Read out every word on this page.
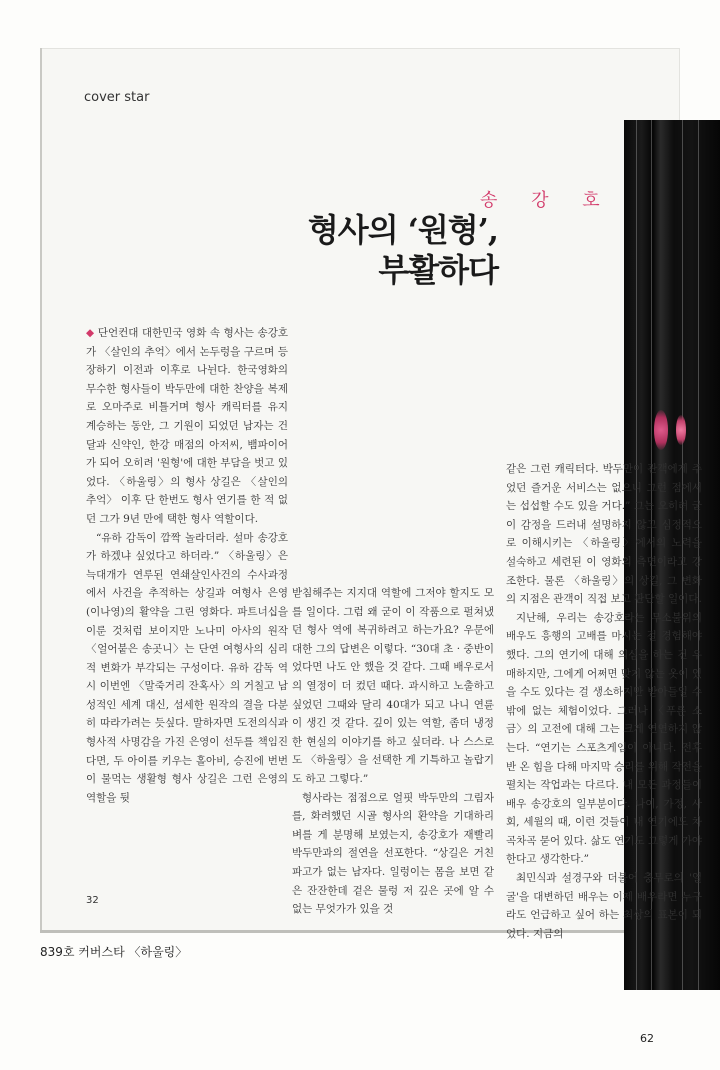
cover star
송 강 호
형사의 ‘원형’,
부활하다

◆ 단언컨대 대한민국 영화 속 형사는 송강호가 〈살인의 추억〉에서 논두렁을 구르며 등장하기 이전과 이후로 나뉜다. 한국영화의 무수한 형사들이 박두만에 대한 찬양을 복제로 오마주로 비틀거며 형사 캐릭터를 유지 계승하는 동안, 그 기원이 되었던 남자는 건달과 신약인, 한강 매점의 아저씨, 뱀파이어가 되어 오히려 '원형'에 대한 부담을 벗고 있었다. 〈하울링〉의 형사 상길은 〈살인의 추억〉 이후 단 한번도 형사 연기를 한 적 없던 그가 9년 만에 택한 형사 역할이다.

“유하 감독이 깜짝 놀라더라. 설마 송강호가 하겠냐 싶었다고 하더라.” 〈하울링〉은 늑대개가 연루된 연쇄살인사건의 수사과정에서 사건을 추적하는 상길과 여형사 은영(이나영)의 활약을 그린 영화다. 파트너십을 이룬 것처럼 보이지만 노나미 아사의 원작 〈얼어붙은 송곳니〉는 단연 여형사의 심리적 변화가 부각되는 구성이다. 유하 감독 역시 이번엔 〈말죽거리 잔혹사〉의 거칠고 남성적인 세계 대신, 섬세한 원작의 결을 다분히 따라가려는 듯싶다. 말하자면 도전의식과 형사적 사명감을 가진 은영이 선두를 책임진다면, 두 아이를 키우는 홀아비, 승진에 번번이 물먹는 생활형 형사 상길은 그런 은영의 역할을 뒷

받침해주는 지지대 역할에 그저야 할지도 모를 일이다. 그럼 왜 굳이 이 작품으로 펄쳐냈던 형사 역에 복귀하려고 하는가요? 우문에 대한 그의 답변은 이렇다. “30대 초 · 중반이었다면 나도 안 했을 것 같다. 그때 배우로서의 열정이 더 컸던 때다. 과시하고 노출하고 싶었던 그때와 달리 40대가 되고 나니 연륜이 생긴 것 같다. 깊이 있는 역할, 좀더 냉정한 현실의 이야기를 하고 싶더라. 나 스스로도 〈하울링〉을 선택한 게 기특하고 놀랍기도 하고 그렇다.”

형사라는 점점으로 얼핏 박두만의 그림자를, 화려했던 시골 형사의 환약을 기대하리 벼를 게 분명해 보였는지, 송강호가 재빨리 박두만과의 절연을 선포한다. “상길은 거친 파고가 없는 남자다. 일렁이는 몸을 보면 같은 잔잔한데 겉은 물렁 저 깊은 곳에 알 수 없는 무엇가가 있을 것

같은 그런 캐릭터다. 박두만이 관객에게 주었던 즐거운 서비스는 없으니 그런 점에서는 섭섭할 수도 있을 거다.” 그는 오히려 굳이 감정을 드러내 설명하지 않고 심정적으로 이해시키는 〈하울링〉에서의 노력을 설숙하고 세련된 이 영화의 측면이라고 강조한다. 물론 〈하울링〉의 상길, 그 변화의 지점은 관객이 직접 보고 판단할 일이다.

지난해, 우리는 송강호라는 무소불위의 배우도 흥행의 고배를 마시는 걸 경험해야 했다. 그의 연기에 대해 의심을 하는 건 우매하지만, 그에게 어쩌면 맞지 않는 옷이 있을 수도 있다는 걸 생소하지만 받아들일 수밖에 없는 체험이었다. 그러나 〈푸른 소금〉의 고전에 대해 그는 크게 연연하지 않는다. “연기는 스포츠게임이 아니다. 전후반 온 힘을 다해 마지막 승리를 위해 작전을 펼치는 작업과는 다르다. 내 모든 과정들이 배우 송강호의 일부분이다. 나이, 가정, 사회, 세월의 때, 이런 것들이 내 연기에도 차곡차곡 묻어 있다. 삶도 연기도 그렇게 가야 한다고 생각한다.”

최민식과 설경구와 더불어 충무로의 '얼굴'을 대변하던 배우는 이제 배우라면 누구라도 언급하고 싶어 하는 최상의 표본이 되었다. 지금의

32
839호 커버스타 〈하울링〉
62
